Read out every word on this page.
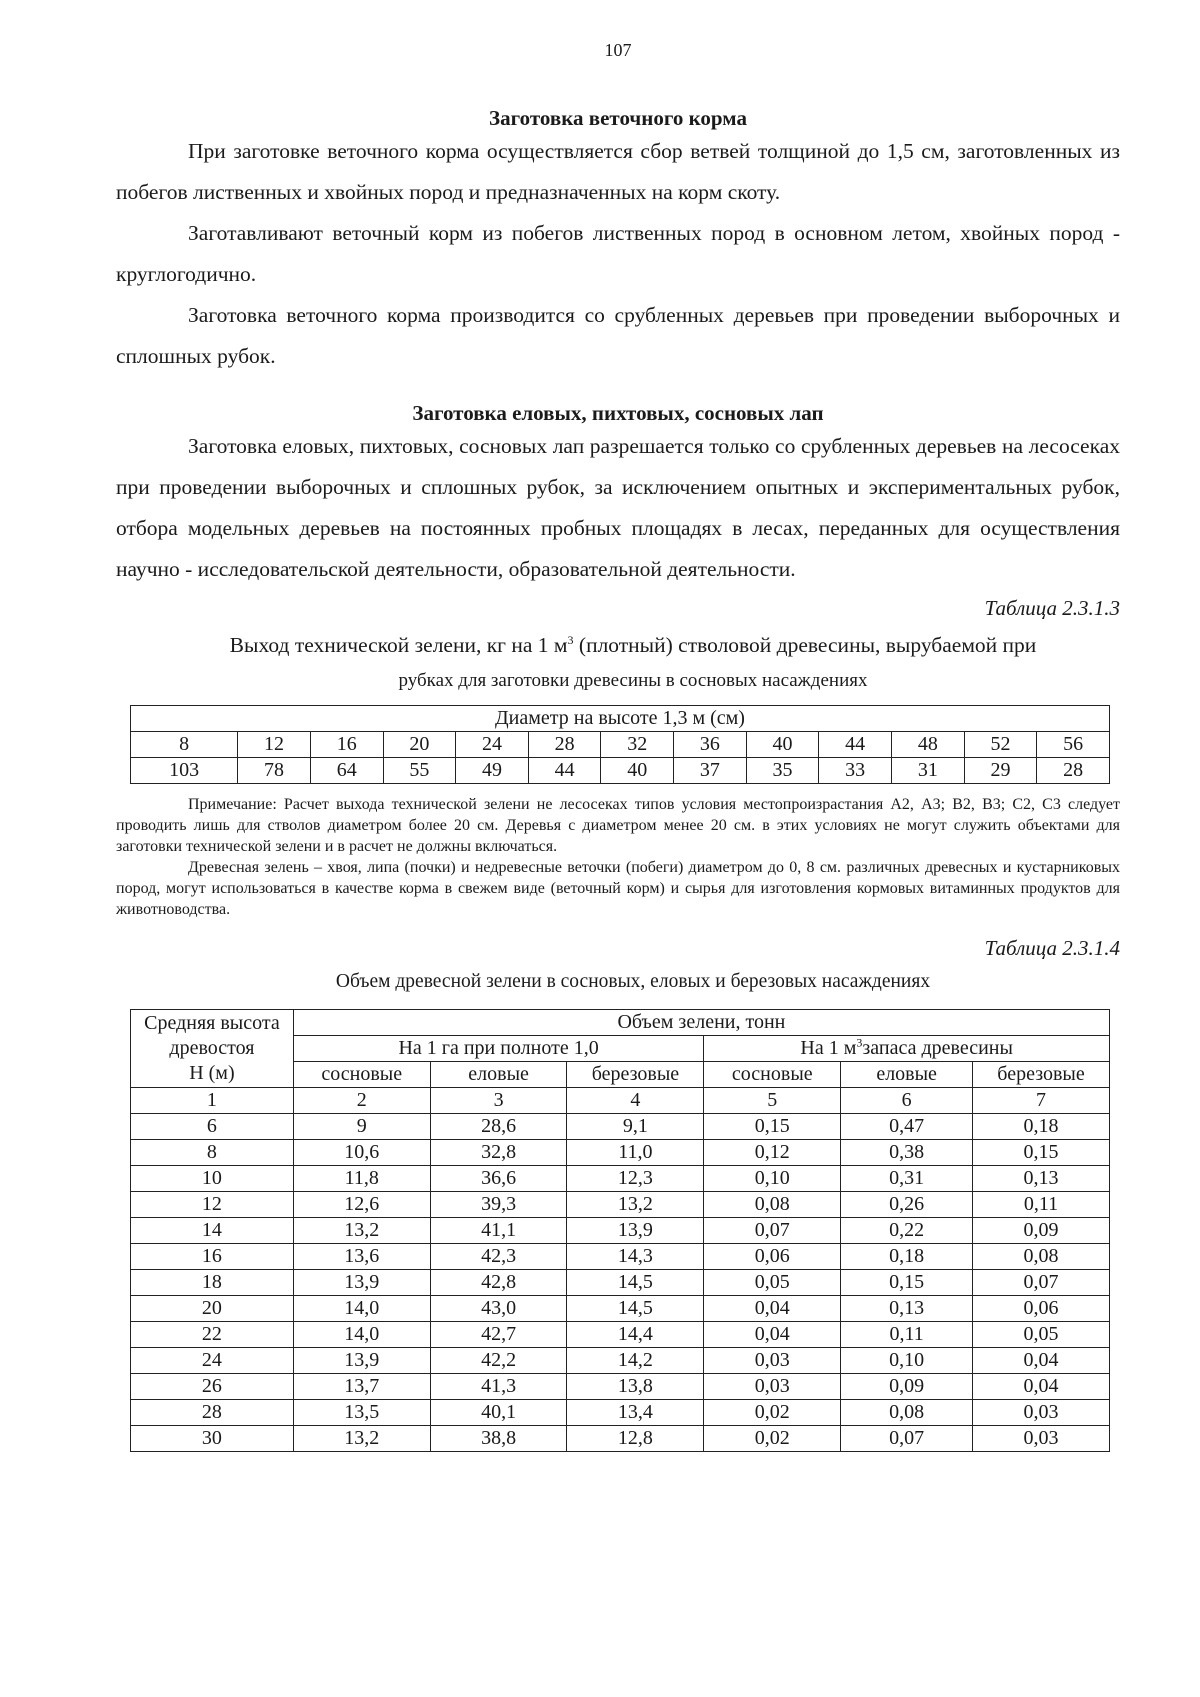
107
Заготовка веточного корма

При заготовке веточного корма осуществляется сбор ветвей толщиной до 1,5 см, заготовленных из побегов лиственных и хвойных пород и предназначенных на корм скоту.

Заготавливают веточный корм из побегов лиственных пород в основном летом, хвойных пород - круглогодично.

Заготовка веточного корма производится со срубленных деревьев при проведении выборочных и сплошных рубок.

Заготовка еловых, пихтовых, сосновых лап

Заготовка еловых, пихтовых, сосновых лап разрешается только со срубленных деревьев на лесосеках при проведении выборочных и сплошных рубок, за исключением опытных и экспериментальных рубок, отбора модельных деревьев на постоянных пробных площадях в лесах, переданных для осуществления научно - исследовательской деятельности, образовательной деятельности.

Таблица 2.3.1.3
Выход технической зелени, кг на 1 $м^3$ (плотный) стволовой древесины, вырубаемой при
рубках для заготовки древесины в сосновых насаждениях
Диаметр на высоте 1,3 м (см)												
8	12	16	20	24	28	32	36	40	44	48	52	56
103	78	64	55	49	44	40	37	35	33	31	29	28

Примечание: Расчет выхода технической зелени не лесосеках типов условия местопроизрастания А2, А3; В2, В3; С2, С3 следует проводить лишь для стволов диаметром более 20 см. Деревья с диаметром менее 20 см. в этих условиях не могут служить объектами для заготовки технической зелени и в расчет не должны включаться.

Древесная зелень – хвоя, липа (почки) и недревесные веточки (побеги) диаметром до 0, 8 см. различных древесных и кустарниковых пород, могут использоваться в качестве корма в свежем виде (веточный корм) и сырья для изготовления кормовых витаминных продуктов для животноводства.

Таблица 2.3.1.4
Объем древесной зелени в сосновых, еловых и березовых насаждениях
Средняя высота
древостоя
Н (м)	Объем зелени, тонн					
	На 1 га при полноте 1,0			На 1 $м^3запаса$ древесины		
	сосновые	еловые	березовые	сосновые	еловые	березовые
1	2	3	4	5	6	7
6	9	28,6	9,1	0,15	0,47	0,18
8	10,6	32,8	11,0	0,12	0,38	0,15
10	11,8	36,6	12,3	0,10	0,31	0,13
12	12,6	39,3	13,2	0,08	0,26	0,11
14	13,2	41,1	13,9	0,07	0,22	0,09
16	13,6	42,3	14,3	0,06	0,18	0,08
18	13,9	42,8	14,5	0,05	0,15	0,07
20	14,0	43,0	14,5	0,04	0,13	0,06
22	14,0	42,7	14,4	0,04	0,11	0,05
24	13,9	42,2	14,2	0,03	0,10	0,04
26	13,7	41,3	13,8	0,03	0,09	0,04
28	13,5	40,1	13,4	0,02	0,08	0,03
30	13,2	38,8	12,8	0,02	0,07	0,03
